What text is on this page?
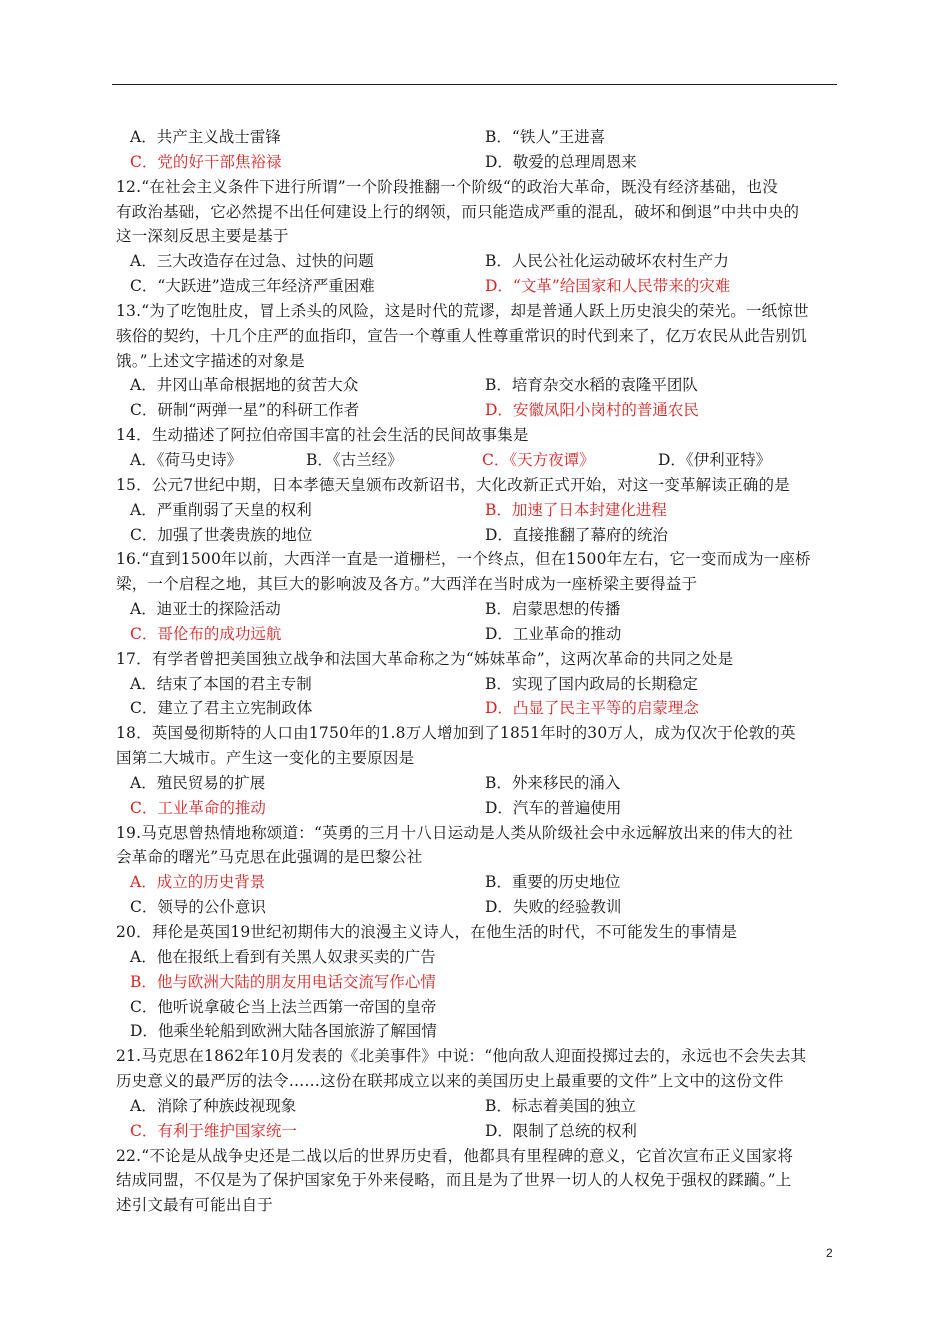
A．共产主义战士雷锋	B．“铁人”王进喜
C．党的好干部焦裕禄	D．敬爱的总理周恩来
12.“在社会主义条件下进行所谓”一个阶段推翻一个阶级“的政治大革命，既没有经济基础，也没
有政治基础，它必然提不出任何建设上行的纲领，而只能造成严重的混乱，破坏和倒退”中共中央的
这一深刻反思主要是基于
A．三大改造存在过急、过快的问题	B．人民公社化运动破坏农村生产力
C．“大跃进”造成三年经济严重困难	D．“文革”给国家和人民带来的灾难
13.“为了吃饱肚皮，冒上杀头的风险，这是时代的荒谬，却是普通人跃上历史浪尖的荣光。一纸惊世
骇俗的契约，十几个庄严的血指印，宣告一个尊重人性尊重常识的时代到来了，亿万农民从此告别饥
饿。”上述文字描述的对象是
A．井冈山革命根据地的贫苦大众	B．培育杂交水稻的袁隆平团队
C．研制“两弹一星”的科研工作者	D．安徽凤阳小岗村的普通农民
14．生动描述了阿拉伯帝国丰富的社会生活的民间故事集是
A．《荷马史诗》	B．《古兰经》	C．《天方夜谭》	D．《伊利亚特》
15．公元7世纪中期，日本孝德天皇颁布改新诏书，大化改新正式开始，对这一变革解读正确的是
A．严重削弱了天皇的权利	B．加速了日本封建化进程
C．加强了世袭贵族的地位	D．直接推翻了幕府的统治
16.“直到1500年以前，大西洋一直是一道栅栏，一个终点，但在1500年左右，它一变而成为一座桥
梁，一个启程之地，其巨大的影响波及各方。”大西洋在当时成为一座桥梁主要得益于
A．迪亚士的探险活动	B．启蒙思想的传播
C．哥伦布的成功远航	D．工业革命的推动
17．有学者曾把美国独立战争和法国大革命称之为“姊妹革命”，这两次革命的共同之处是
A．结束了本国的君主专制	B．实现了国内政局的长期稳定
C．建立了君主立宪制政体	D．凸显了民主平等的启蒙理念
18．英国曼彻斯特的人口由1750年的1.8万人增加到了1851年时的30万人，成为仅次于伦敦的英
国第二大城市。产生这一变化的主要原因是
A．殖民贸易的扩展	B．外来移民的涌入
C．工业革命的推动	D．汽车的普遍使用
19.马克思曾热情地称颂道：“英勇的三月十八日运动是人类从阶级社会中永远解放出来的伟大的社
会革命的曙光”马克思在此强调的是巴黎公社
A．成立的历史背景	B．重要的历史地位
C．领导的公仆意识	D．失败的经验教训
20．拜伦是英国19世纪初期伟大的浪漫主义诗人，在他生活的时代，不可能发生的事情是
A．他在报纸上看到有关黑人奴隶买卖的广告
B．他与欧洲大陆的朋友用电话交流写作心情
C．他听说拿破仑当上法兰西第一帝国的皇帝
D．他乘坐轮船到欧洲大陆各国旅游了解国情
21.马克思在1862年10月发表的《北美事件》中说：“他向敌人迎面投掷过去的，永远也不会失去其
历史意义的最严厉的法令……这份在联邦成立以来的美国历史上最重要的文件”上文中的这份文件
A．消除了种族歧视现象	B．标志着美国的独立
C．有利于维护国家统一	D．限制了总统的权利
22.“不论是从战争史还是二战以后的世界历史看，他都具有里程碑的意义，它首次宣布正义国家将
结成同盟，不仅是为了保护国家免于外来侵略，而且是为了世界一切人的人权免于强权的蹂躏。”上
述引文最有可能出自于
2
